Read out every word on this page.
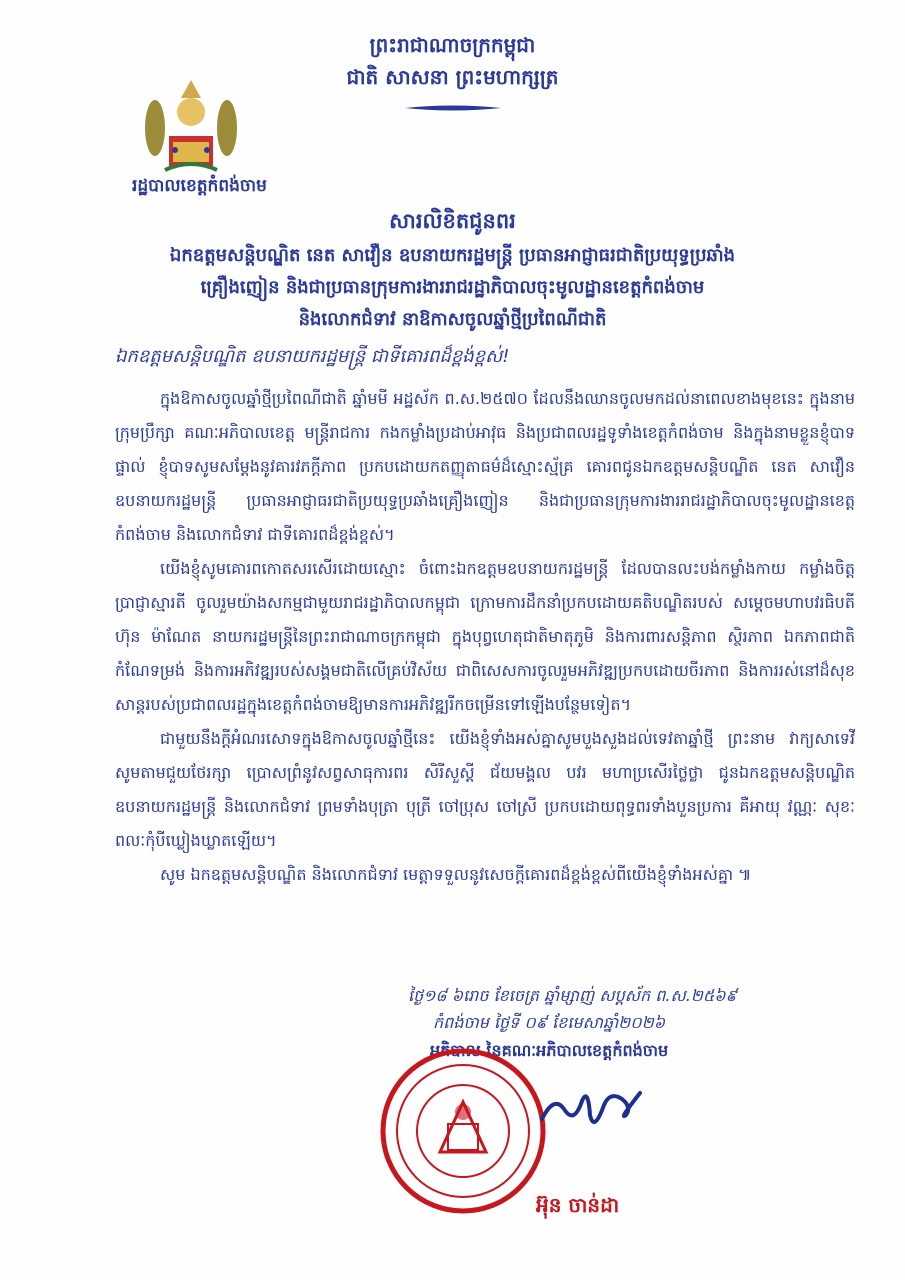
ព្រះរាជាណាចក្រកម្ពុជា
ជាតិ សាសនា ព្រះមហាក្សត្រ
រដ្ឋបាលខេត្តកំពង់ចាម
សារលិខិតជូនពរ
ឯកឧត្តមសន្តិបណ្ឌិត នេត សាវឿន ឧបនាយករដ្ឋមន្ត្រី ប្រធានអាជ្ញាធរជាតិប្រយុទ្ធប្រឆាំង
គ្រឿងញៀន និងជាប្រធានក្រុមការងាររាជរដ្ឋាភិបាលចុះមូលដ្ឋានខេត្តកំពង់ចាម
និងលោកជំទាវ នាឱកាសចូលឆ្នាំថ្មីប្រពៃណីជាតិ
ឯកឧត្តមសន្តិបណ្ឌិត ឧបនាយករដ្ឋមន្ត្រី ជាទីគោរពដ៏ខ្ពង់ខ្ពស់!

ក្នុងឱកាសចូលឆ្នាំថ្មីប្រពៃណីជាតិ ឆ្នាំមមី អដ្ឋស័ក ព.ស.២៥៧០ ដែលនឹងឈានចូលមកដល់នាពេលខាងមុខនេះ ក្នុងនាមក្រុមប្រឹក្សា គណៈអភិបាលខេត្ត មន្ត្រីរាជការ កងកម្លាំងប្រដាប់អាវុធ និងប្រជាពលរដ្ឋទូទាំងខេត្តកំពង់ចាម និងក្នុងនាមខ្លួនខ្ញុំបាទផ្ទាល់ ខ្ញុំបាទសូមសម្តែងនូវគារវភក្តីភាព ប្រកបដោយកតញ្ញុតាធម៌ដ៏ស្មោះស្ម័គ្រ គោរពជូនឯកឧត្តមសន្តិបណ្ឌិត នេត សាវឿន ឧបនាយករដ្ឋមន្ត្រី ប្រធានអាជ្ញាធរជាតិប្រយុទ្ធប្រឆាំងគ្រឿងញៀន និងជាប្រធានក្រុមការងាររាជរដ្ឋាភិបាលចុះមូលដ្ឋានខេត្តកំពង់ចាម និងលោកជំទាវ ជាទីគោរពដ៏ខ្ពង់ខ្ពស់។

យើងខ្ញុំសូមគោរពកោតសរសើរដោយស្មោះ ចំពោះឯកឧត្តមឧបនាយករដ្ឋមន្ត្រី ដែលបានលះបង់កម្លាំងកាយ កម្លាំងចិត្ត ប្រាជ្ញាស្មារតី ចូលរួមយ៉ាងសកម្មជាមួយរាជរដ្ឋាភិបាលកម្ពុជា ក្រោមការដឹកនាំប្រកបដោយគតិបណ្ឌិតរបស់ សម្តេចមហាបវរធិបតី ហ៊ុន ម៉ាណែត នាយករដ្ឋមន្ត្រីនៃព្រះរាជាណាចក្រកម្ពុជា ក្នុងបុព្វហេតុជាតិមាតុភូមិ និងការពារសន្តិភាព ស្ថិរភាព ឯកភាពជាតិ កំណែទម្រង់ និងការអភិវឌ្ឍរបស់សង្គមជាតិលើគ្រប់វិស័យ ជាពិសេសការចូលរួមអភិវឌ្ឍប្រកបដោយចីរភាព និងការរស់នៅដ៏សុខសាន្តរបស់ប្រជាពលរដ្ឋក្នុងខេត្តកំពង់ចាមឱ្យមានការអភិវឌ្ឍរីកចម្រើនទៅឡើងបន្ថែមទៀត។

ជាមួយនឹងក្តីអំណរសោទក្នុងឱកាសចូលឆ្នាំថ្មីនេះ យើងខ្ញុំទាំងអស់គ្នាសូមបួងសួងដល់ទេវតាឆ្នាំថ្មី ព្រះនាម វាក្យសាទេវី សូមតាមជួយថែរក្សា ប្រោសព្រំនូវសព្វសាធុការពរ សិរីសួស្តី ជ័យមង្គល បវរ មហាប្រសើរថ្លៃថ្លា ជូនឯកឧត្តមសន្តិបណ្ឌិត ឧបនាយករដ្ឋមន្ត្រី និងលោកជំទាវ ព្រមទាំងបុត្រា បុត្រី ចៅប្រុស ចៅស្រី ប្រកបដោយពុទ្ធពរទាំងបួនប្រការ គឺអាយុ វណ្ណៈ សុខៈ ពលៈកុំបីឃ្លៀងឃ្លាតឡើយ។

សូម ឯកឧត្តមសន្តិបណ្ឌិត និងលោកជំទាវ មេត្តាទទួលនូវសេចក្តីគោរពដ៏ខ្ពង់ខ្ពស់ពីយើងខ្ញុំទាំងអស់គ្នា ៕

ថ្ងៃ១៨ ៦រោច ខែចេត្រ ឆ្នាំម្សាញ់ សប្តស័ក ព.ស.២៥៦៩
កំពង់ចាម ថ្ងៃទី ០៩ ខែមេសាឆ្នាំ២០២៦
អភិបាល នៃគណៈអភិបាលខេត្តកំពង់ចាម
អ៊ុន ចាន់ដា
